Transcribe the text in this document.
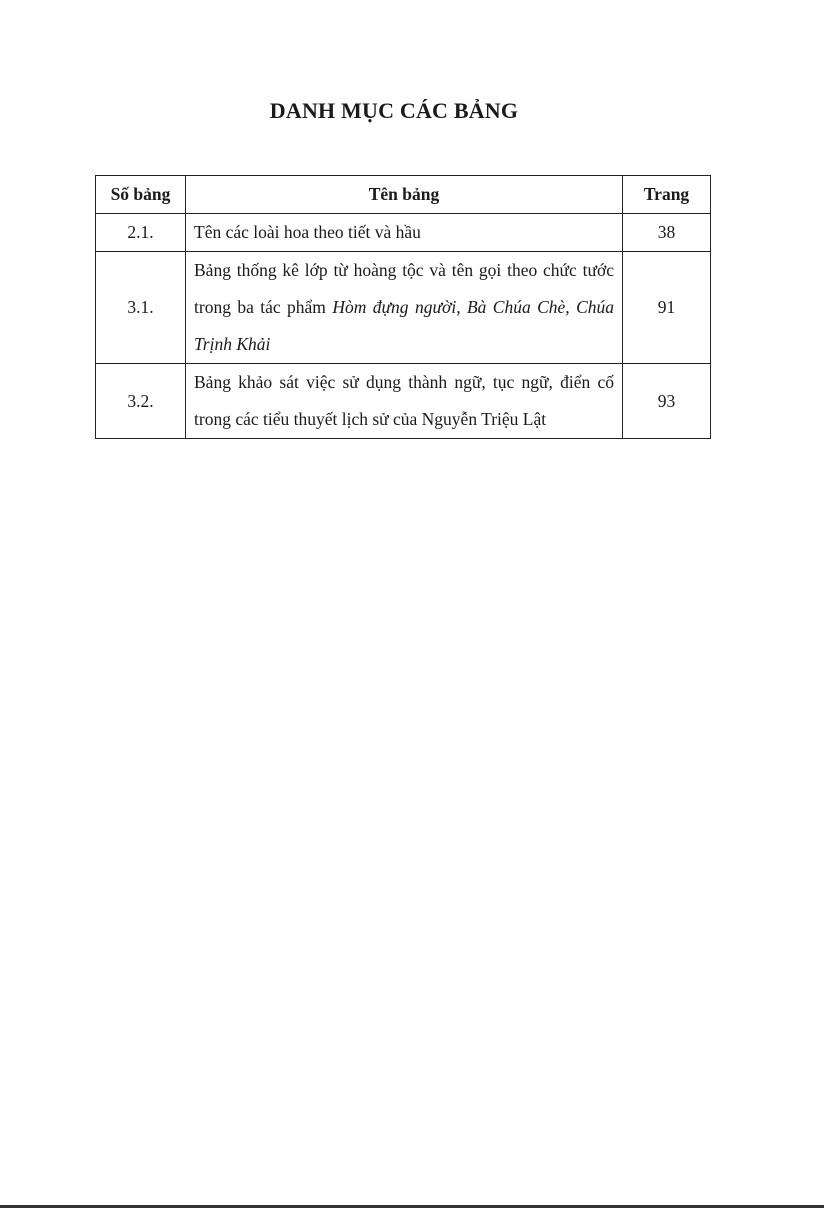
DANH MỤC CÁC BẢNG
Số bảng	Tên bảng	Trang
2.1.	Tên các loài hoa theo tiết và hầu	38
3.1.	Bảng thống kê lớp từ hoàng tộc và tên gọi theo chức tước trong ba tác phẩm Hòm đựng người, Bà Chúa Chè, Chúa Trịnh Khải	91
3.2.	Bảng khảo sát việc sử dụng thành ngữ, tục ngữ, điển cố trong các tiểu thuyết lịch sử của Nguyễn Triệu Lật	93
